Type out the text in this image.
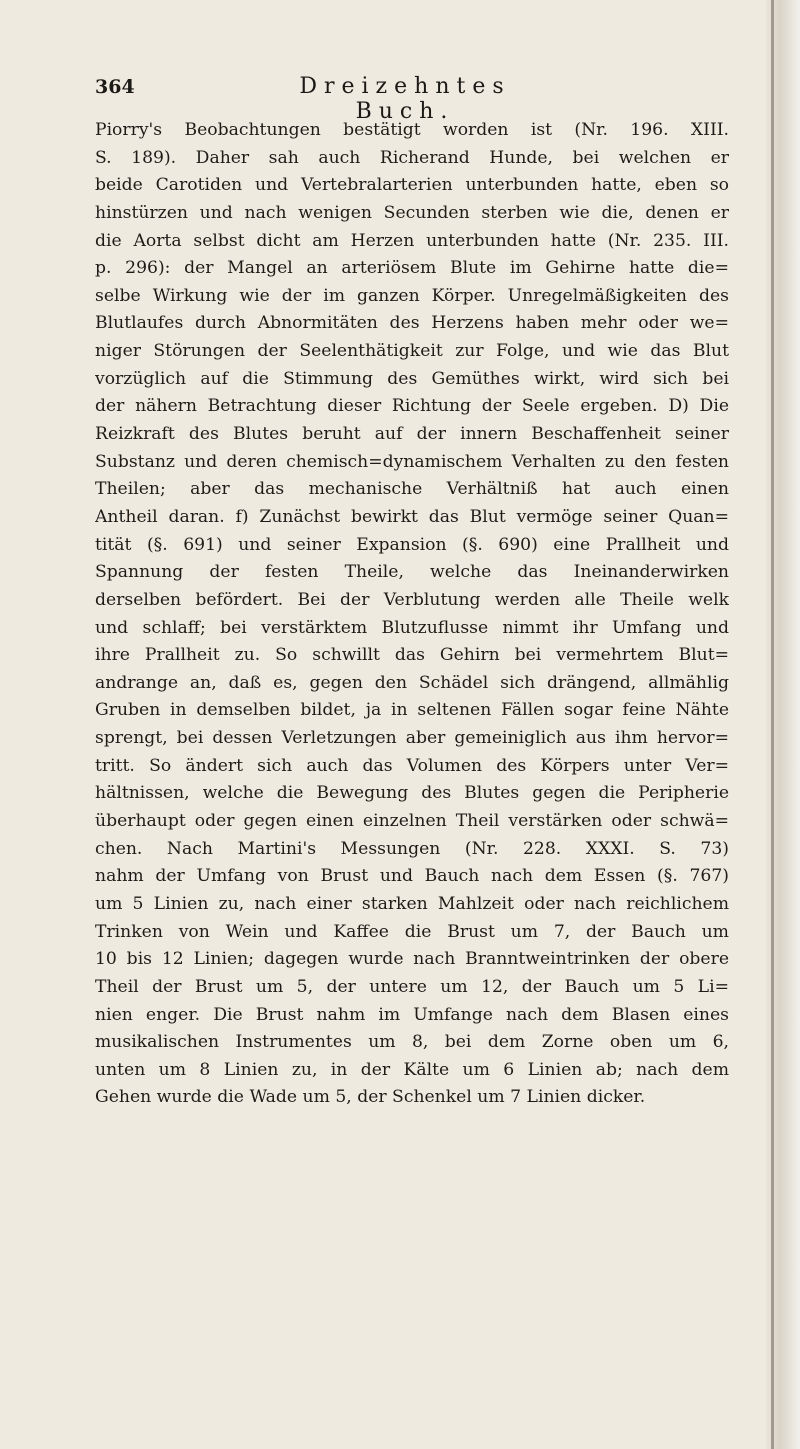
364	Dreizehntes Buch.
Piorry's Beobachtungen bestätigt worden ist (Nr. 196. XIII.
S. 189). Daher sah auch Richerand Hunde, bei welchen er
beide Carotiden und Vertebralarterien unterbunden hatte, eben so
hinstürzen und nach wenigen Secunden sterben wie die, denen er
die Aorta selbst dicht am Herzen unterbunden hatte (Nr. 235. III.
p. 296): der Mangel an arteriösem Blute im Gehirne hatte die=
selbe Wirkung wie der im ganzen Körper. Unregelmäßigkeiten des
Blutlaufes durch Abnormitäten des Herzens haben mehr oder we=
niger Störungen der Seelenthätigkeit zur Folge, und wie das Blut
vorzüglich auf die Stimmung des Gemüthes wirkt, wird sich bei
der nähern Betrachtung dieser Richtung der Seele ergeben. D) Die
Reizkraft des Blutes beruht auf der innern Beschaffenheit seiner
Substanz und deren chemisch=dynamischem Verhalten zu den festen
Theilen; aber das mechanische Verhältniß hat auch einen
Antheil daran. f) Zunächst bewirkt das Blut vermöge seiner Quan=
tität (§. 691) und seiner Expansion (§. 690) eine Prallheit und
Spannung der festen Theile, welche das Ineinanderwirken
derselben befördert. Bei der Verblutung werden alle Theile welk
und schlaff; bei verstärktem Blutzuflusse nimmt ihr Umfang und
ihre Prallheit zu. So schwillt das Gehirn bei vermehrtem Blut=
andrange an, daß es, gegen den Schädel sich drängend, allmählig
Gruben in demselben bildet, ja in seltenen Fällen sogar feine Nähte
sprengt, bei dessen Verletzungen aber gemeiniglich aus ihm hervor=
tritt. So ändert sich auch das Volumen des Körpers unter Ver=
hältnissen, welche die Bewegung des Blutes gegen die Peripherie
überhaupt oder gegen einen einzelnen Theil verstärken oder schwä=
chen. Nach Martini's Messungen (Nr. 228. XXXI. S. 73)
nahm der Umfang von Brust und Bauch nach dem Essen (§. 767)
um 5 Linien zu, nach einer starken Mahlzeit oder nach reichlichem
Trinken von Wein und Kaffee die Brust um 7, der Bauch um
10 bis 12 Linien; dagegen wurde nach Branntweintrinken der obere
Theil der Brust um 5, der untere um 12, der Bauch um 5 Li=
nien enger. Die Brust nahm im Umfange nach dem Blasen eines
musikalischen Instrumentes um 8, bei dem Zorne oben um 6,
unten um 8 Linien zu, in der Kälte um 6 Linien ab; nach dem
Gehen wurde die Wade um 5, der Schenkel um 7 Linien dicker.
